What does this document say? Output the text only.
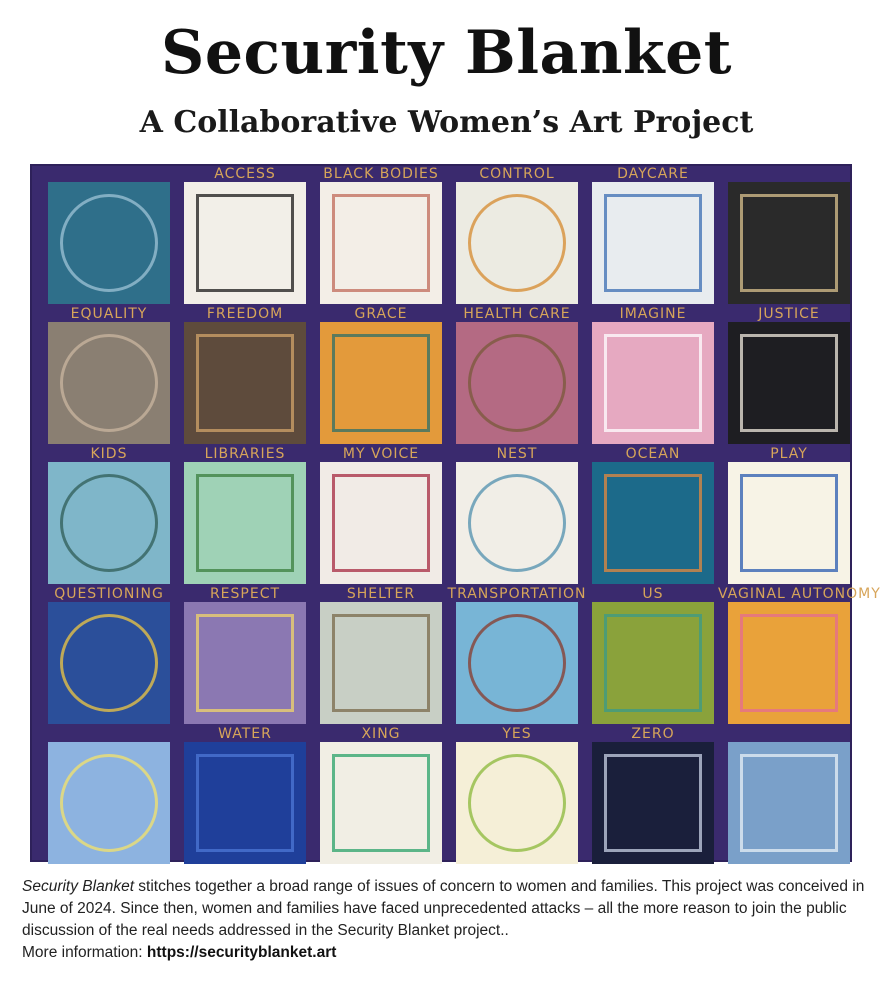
Security Blanket
A Collaborative Women’s Art Project
ACCESS	BLACK BODIES	CONTROL	DAYCARE
EQUALITY	FREEDOM	GRACE	HEALTH CARE	IMAGINE	JUSTICE
KIDS	LIBRARIES	MY VOICE	NEST	OCEAN	PLAY
QUESTIONING	RESPECT	SHELTER	TRANSPORTATION	US	VAGINAL AUTONOMY
WATER	XING	YES	ZERO
Security Blanket stitches together a broad range of issues of concern to women and families. This project was conceived in June of 2024. Since then, women and families have faced unprecedented attacks – all the more reason to join the public discussion of the real needs addressed in the Security Blanket project..
More information: https://securityblanket.art
